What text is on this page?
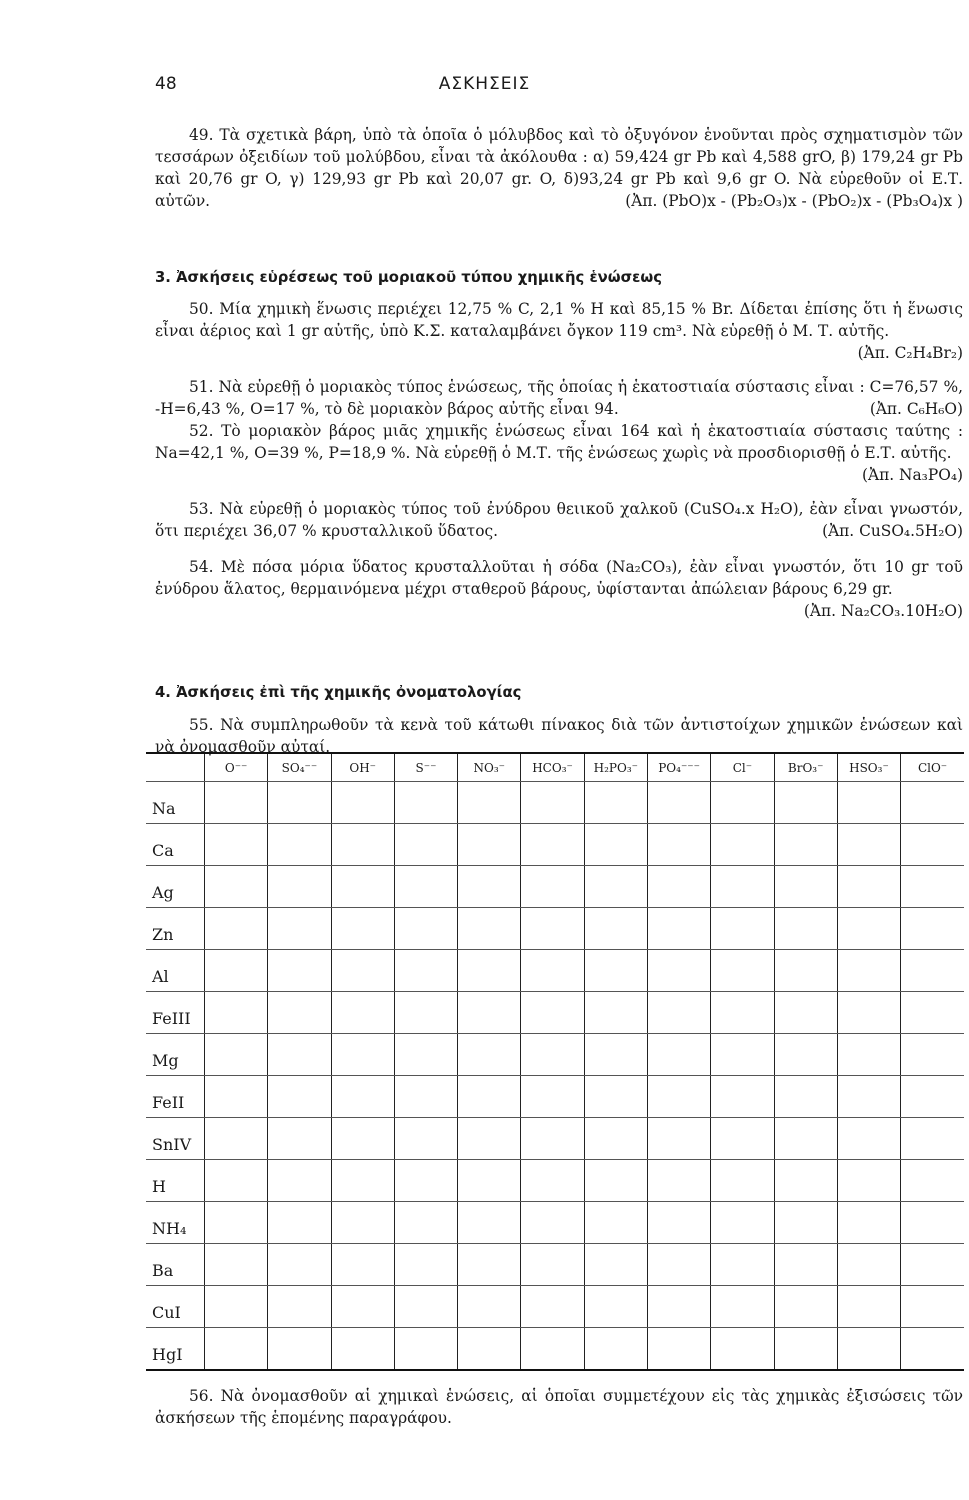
48	ΑΣΚΗΣΕΙΣ

49. Τὰ σχετικὰ βάρη, ὑπὸ τὰ ὁποῖα ὁ μόλυβδος καὶ τὸ ὀξυγόνον ἑνοῦνται πρὸς σχηματισμὸν τῶν τεσσάρων ὀξειδίων τοῦ μολύβδου, εἶναι τὰ ἀκόλουθα : α) 59,424 gr Pb καὶ 4,588 grO, β) 179,24 gr Pb καὶ 20,76 gr O, γ) 129,93 gr Pb καὶ 20,07 gr. O, δ)93,24 gr Pb καὶ 9,6 gr O. Νὰ εὑρεθοῦν οἱ Ε.Τ. αὐτῶν.	(Ἀπ. (PbO)x - (Pb₂O₃)x - (PbO₂)x - (Pb₃O₄)x )

3. Ἀσκήσεις εὑρέσεως τοῦ μοριακοῦ τύπου χημικῆς ἑνώσεως

50. Μία χημικὴ ἕνωσις περιέχει 12,75 % C, 2,1 % H καὶ 85,15 % Br. Δίδεται ἐπίσης ὅτι ἡ ἕνωσις εἶναι ἀέριος καὶ 1 gr αὐτῆς, ὑπὸ Κ.Σ. καταλαμβάνει ὄγκον 119 cm³. Νὰ εὑρεθῇ ὁ Μ. Τ. αὐτῆς.
(Ἀπ. C₂H₄Br₂)

51. Νὰ εὑρεθῇ ὁ μοριακὸς τύπος ἑνώσεως, τῆς ὁποίας ἡ ἑκατοστιαία σύστασις εἶναι : C=76,57 %, -H=6,43 %, O=17 %, τὸ δὲ μοριακὸν βάρος αὐτῆς εἶναι 94.	(Ἀπ. C₆H₆O)

52. Τὸ μοριακὸν βάρος μιᾶς χημικῆς ἑνώσεως εἶναι 164 καὶ ἡ ἑκατοστιαία σύστασις ταύτης : Na=42,1 %, O=39 %, P=18,9 %. Νὰ εὑρεθῇ ὁ Μ.Τ. τῆς ἑνώσεως χωρὶς νὰ προσδιορισθῇ ὁ Ε.Τ. αὐτῆς.
(Ἀπ. Na₃PO₄)

53. Νὰ εὑρεθῇ ὁ μοριακὸς τύπος τοῦ ἐνύδρου θειικοῦ χαλκοῦ (CuSO₄.x H₂O), ἐὰν εἶναι γνωστόν, ὅτι περιέχει 36,07 % κρυσταλλικοῦ ὕδατος.	(Ἀπ. CuSO₄.5H₂O)

54. Μὲ πόσα μόρια ὕδατος κρυσταλλοῦται ἡ σόδα (Na₂CO₃), ἐὰν εἶναι γνωστόν, ὅτι 10 gr τοῦ ἐνύδρου ἅλατος, θερμαινόμενα μέχρι σταθεροῦ βάρους, ὑφίστανται ἀπώλειαν βάρους 6,29 gr.
(Ἀπ. Na₂CO₃.10H₂O)

4. Ἀσκήσεις ἐπὶ τῆς χημικῆς ὀνοματολογίας

55. Νὰ συμπληρωθοῦν τὰ κενὰ τοῦ κάτωθι πίνακος διὰ τῶν ἀντιστοίχων χημικῶν ἑνώσεων καὶ νὰ ὀνομασθοῦν αὐταί.

	O⁻⁻	SO₄⁻⁻	OH⁻	S⁻⁻	NO₃⁻	HCO₃⁻	H₂PO₃⁻	PO₄⁻⁻⁻	Cl⁻	BrO₃⁻	HSO₃⁻	ClO⁻
Na												
Ca												
Ag												
Zn												
Al												
FeIII												
Mg												
FeII												
SnIV												
H												
NH₄												
Ba												
CuI												
HgI												

56. Νὰ ὀνομασθοῦν αἱ χημικαὶ ἑνώσεις, αἱ ὁποῖαι συμμετέχουν εἰς τὰς χημικὰς ἐξισώσεις τῶν ἀσκήσεων τῆς ἑπομένης παραγράφου.
